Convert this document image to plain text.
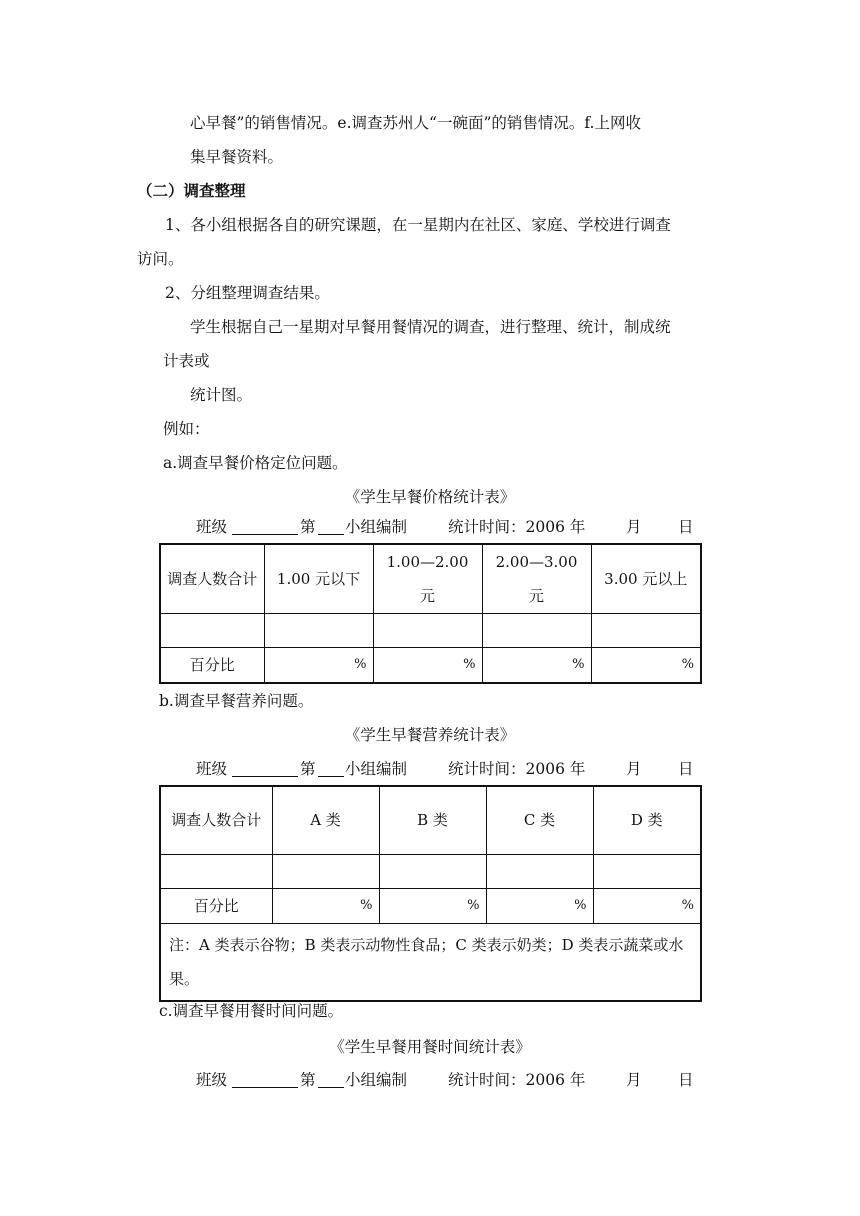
心早餐”的销售情况。e.调查苏州人“一碗面”的销售情况。f.上网收
集早餐资料。
（二）调查整理
1、各小组根据各自的研究课题，在一星期内在社区、家庭、学校进行调查
访问。
2、分组整理调查结果。
学生根据自己一星期对早餐用餐情况的调查，进行整理、统计，制成统
计表或
统计图。
例如：
a.调查早餐价格定位问题。
《学生早餐价格统计表》
班级	第 小组编制	统计时间：2006 年	月 日
调查人数合计	1.00 元以下	1.00—2.00 元	2.00—3.00 元	3.00 元以上

百分比	%	%	%	%
b.调查早餐营养问题。
《学生早餐营养统计表》
班级	第 小组编制	统计时间：2006 年	月 日
调查人数合计	A 类	B 类	C 类	D 类

百分比	%	%	%	%
注：A 类表示谷物；B 类表示动物性食品；C 类表示奶类；D 类表示蔬菜或水果。				
c.调查早餐用餐时间问题。
《学生早餐用餐时间统计表》
班级	第 小组编制	统计时间：2006 年	月 日
